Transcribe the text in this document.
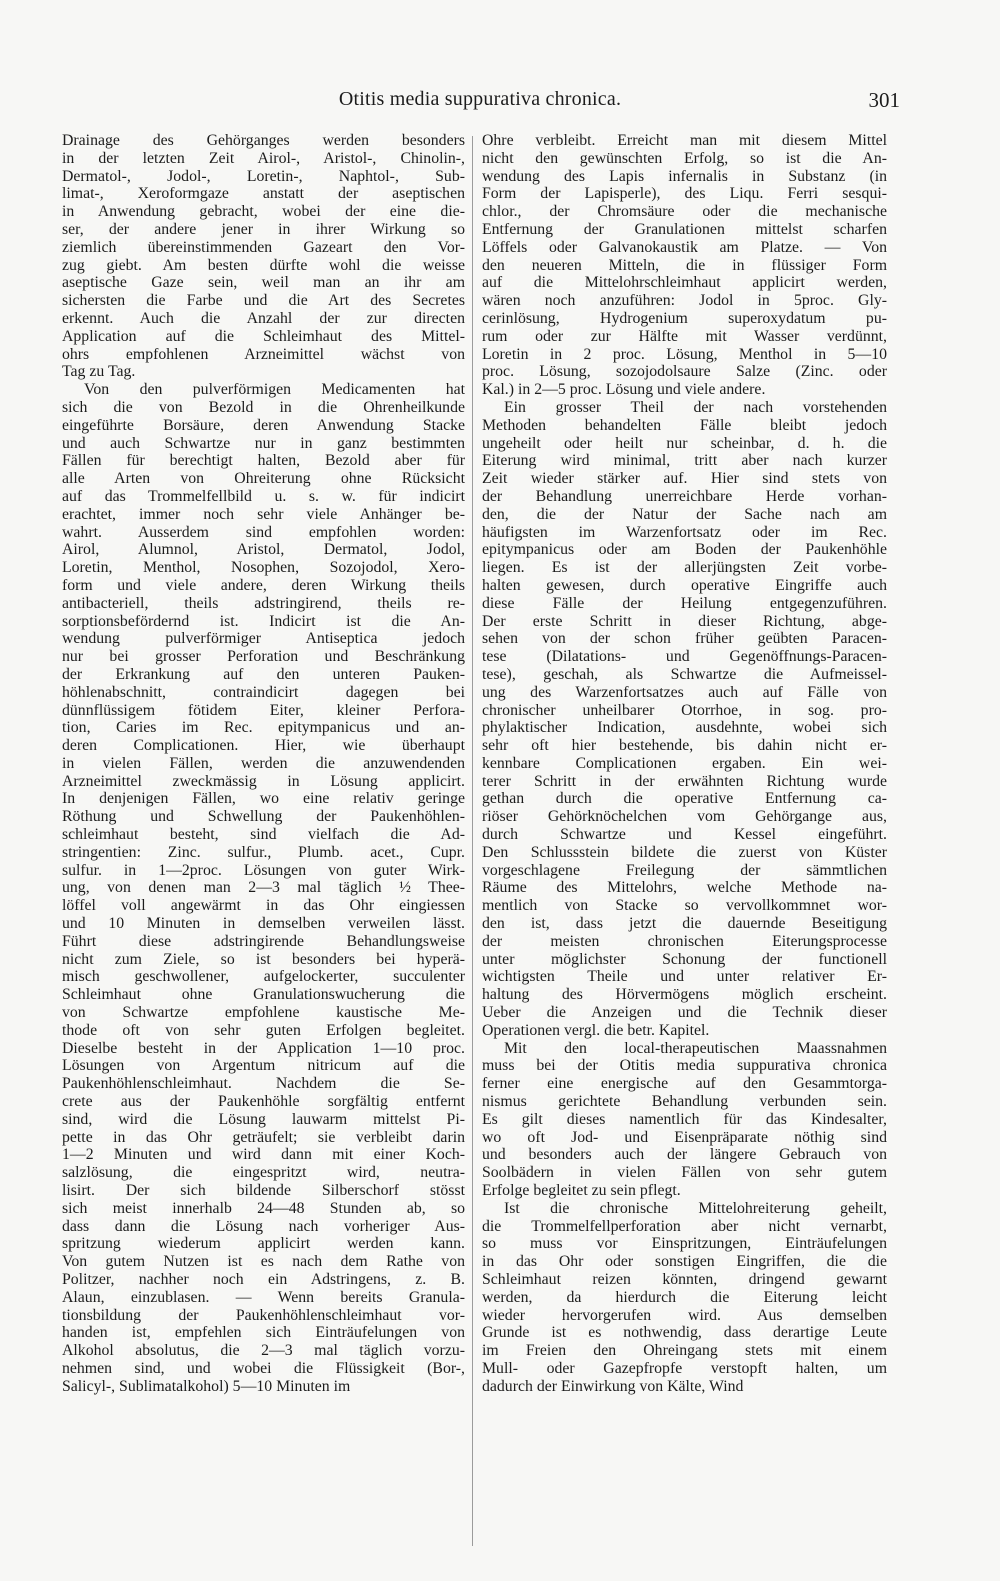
Otitis media suppurativa chronica.	301
Drainage des Gehörganges werden besonders
in der letzten Zeit Airol-, Aristol-, Chinolin-,
Dermatol-, Jodol-, Loretin-, Naphtol-, Sub-
limat-, Xeroformgaze anstatt der aseptischen
in Anwendung gebracht, wobei der eine die-
ser, der andere jener in ihrer Wirkung so
ziemlich übereinstimmenden Gazeart den Vor-
zug giebt. Am besten dürfte wohl die weisse
aseptische Gaze sein, weil man an ihr am
sichersten die Farbe und die Art des Secretes
erkennt. Auch die Anzahl der zur directen
Application auf die Schleimhaut des Mittel-
ohrs empfohlenen Arzneimittel wächst von
Tag zu Tag.
Von den pulverförmigen Medicamenten hat
sich die von Bezold in die Ohrenheilkunde
eingeführte Borsäure, deren Anwendung Stacke
und auch Schwartze nur in ganz bestimmten
Fällen für berechtigt halten, Bezold aber für
alle Arten von Ohreiterung ohne Rücksicht
auf das Trommelfellbild u. s. w. für indicirt
erachtet, immer noch sehr viele Anhänger be-
wahrt. Ausserdem sind empfohlen worden:
Airol, Alumnol, Aristol, Dermatol, Jodol,
Loretin, Menthol, Nosophen, Sozojodol, Xero-
form und viele andere, deren Wirkung theils
antibacteriell, theils adstringirend, theils re-
sorptionsbefördernd ist. Indicirt ist die An-
wendung pulverförmiger Antiseptica jedoch
nur bei grosser Perforation und Beschränkung
der Erkrankung auf den unteren Pauken-
höhlenabschnitt, contraindicirt dagegen bei
dünnflüssigem fötidem Eiter, kleiner Perfora-
tion, Caries im Rec. epitympanicus und an-
deren Complicationen. Hier, wie überhaupt
in vielen Fällen, werden die anzuwendenden
Arzneimittel zweckmässig in Lösung applicirt.
In denjenigen Fällen, wo eine relativ geringe
Röthung und Schwellung der Paukenhöhlen-
schleimhaut besteht, sind vielfach die Ad-
stringentien: Zinc. sulfur., Plumb. acet., Cupr.
sulfur. in 1—2proc. Lösungen von guter Wirk-
ung, von denen man 2—3 mal täglich ½ Thee-
löffel voll angewärmt in das Ohr eingiessen
und 10 Minuten in demselben verweilen lässt.
Führt diese adstringirende Behandlungsweise
nicht zum Ziele, so ist besonders bei hyperä-
misch geschwollener, aufgelockerter, succulenter
Schleimhaut ohne Granulationswucherung die
von Schwartze empfohlene kaustische Me-
thode oft von sehr guten Erfolgen begleitet.
Dieselbe besteht in der Application 1—10 proc.
Lösungen von Argentum nitricum auf die
Paukenhöhlenschleimhaut. Nachdem die Se-
crete aus der Paukenhöhle sorgfältig entfernt
sind, wird die Lösung lauwarm mittelst Pi-
pette in das Ohr geträufelt; sie verbleibt darin
1—2 Minuten und wird dann mit einer Koch-
salzlösung, die eingespritzt wird, neutra-
lisirt. Der sich bildende Silberschorf stösst
sich meist innerhalb 24—48 Stunden ab, so
dass dann die Lösung nach vorheriger Aus-
spritzung wiederum applicirt werden kann.
Von gutem Nutzen ist es nach dem Rathe von
Politzer, nachher noch ein Adstringens, z. B.
Alaun, einzublasen. — Wenn bereits Granula-
tionsbildung der Paukenhöhlenschleimhaut vor-
handen ist, empfehlen sich Einträufelungen von
Alkohol absolutus, die 2—3 mal täglich vorzu-
nehmen sind, und wobei die Flüssigkeit (Bor-,
Salicyl-, Sublimatalkohol) 5—10 Minuten im
Ohre verbleibt. Erreicht man mit diesem Mittel
nicht den gewünschten Erfolg, so ist die An-
wendung des Lapis infernalis in Substanz (in
Form der Lapisperle), des Liqu. Ferri sesqui-
chlor., der Chromsäure oder die mechanische
Entfernung der Granulationen mittelst scharfen
Löffels oder Galvanokaustik am Platze. — Von
den neueren Mitteln, die in flüssiger Form
auf die Mittelohrschleimhaut applicirt werden,
wären noch anzuführen: Jodol in 5proc. Gly-
cerinlösung, Hydrogenium superoxydatum pu-
rum oder zur Hälfte mit Wasser verdünnt,
Loretin in 2 proc. Lösung, Menthol in 5—10
proc. Lösung, sozojodolsaure Salze (Zinc. oder
Kal.) in 2—5 proc. Lösung und viele andere.
Ein grosser Theil der nach vorstehenden
Methoden behandelten Fälle bleibt jedoch
ungeheilt oder heilt nur scheinbar, d. h. die
Eiterung wird minimal, tritt aber nach kurzer
Zeit wieder stärker auf. Hier sind stets von
der Behandlung unerreichbare Herde vorhan-
den, die der Natur der Sache nach am
häufigsten im Warzenfortsatz oder im Rec.
epitympanicus oder am Boden der Paukenhöhle
liegen. Es ist der allerjüngsten Zeit vorbe-
halten gewesen, durch operative Eingriffe auch
diese Fälle der Heilung entgegenzuführen.
Der erste Schritt in dieser Richtung, abge-
sehen von der schon früher geübten Paracen-
tese (Dilatations- und Gegenöffnungs-Paracen-
tese), geschah, als Schwartze die Aufmeissel-
ung des Warzenfortsatzes auch auf Fälle von
chronischer unheilbarer Otorrhoe, in sog. pro-
phylaktischer Indication, ausdehnte, wobei sich
sehr oft hier bestehende, bis dahin nicht er-
kennbare Complicationen ergaben. Ein wei-
terer Schritt in der erwähnten Richtung wurde
gethan durch die operative Entfernung ca-
riöser Gehörknöchelchen vom Gehörgange aus,
durch Schwartze und Kessel eingeführt.
Den Schlussstein bildete die zuerst von Küster
vorgeschlagene Freilegung der sämmtlichen
Räume des Mittelohrs, welche Methode na-
mentlich von Stacke so vervollkommnet wor-
den ist, dass jetzt die dauernde Beseitigung
der meisten chronischen Eiterungsprocesse
unter möglichster Schonung der functionell
wichtigsten Theile und unter relativer Er-
haltung des Hörvermögens möglich erscheint.
Ueber die Anzeigen und die Technik dieser
Operationen vergl. die betr. Kapitel.
Mit den local-therapeutischen Maassnahmen
muss bei der Otitis media suppurativa chronica
ferner eine energische auf den Gesammtorga-
nismus gerichtete Behandlung verbunden sein.
Es gilt dieses namentlich für das Kindesalter,
wo oft Jod- und Eisenpräparate nöthig sind
und besonders auch der längere Gebrauch von
Soolbädern in vielen Fällen von sehr gutem
Erfolge begleitet zu sein pflegt.
Ist die chronische Mittelohreiterung geheilt,
die Trommelfellperforation aber nicht vernarbt,
so muss vor Einspritzungen, Einträufelungen
in das Ohr oder sonstigen Eingriffen, die die
Schleimhaut reizen könnten, dringend gewarnt
werden, da hierdurch die Eiterung leicht
wieder hervorgerufen wird. Aus demselben
Grunde ist es nothwendig, dass derartige Leute
im Freien den Ohreingang stets mit einem
Mull- oder Gazepfropfe verstopft halten, um
dadurch der Einwirkung von Kälte, Wind
